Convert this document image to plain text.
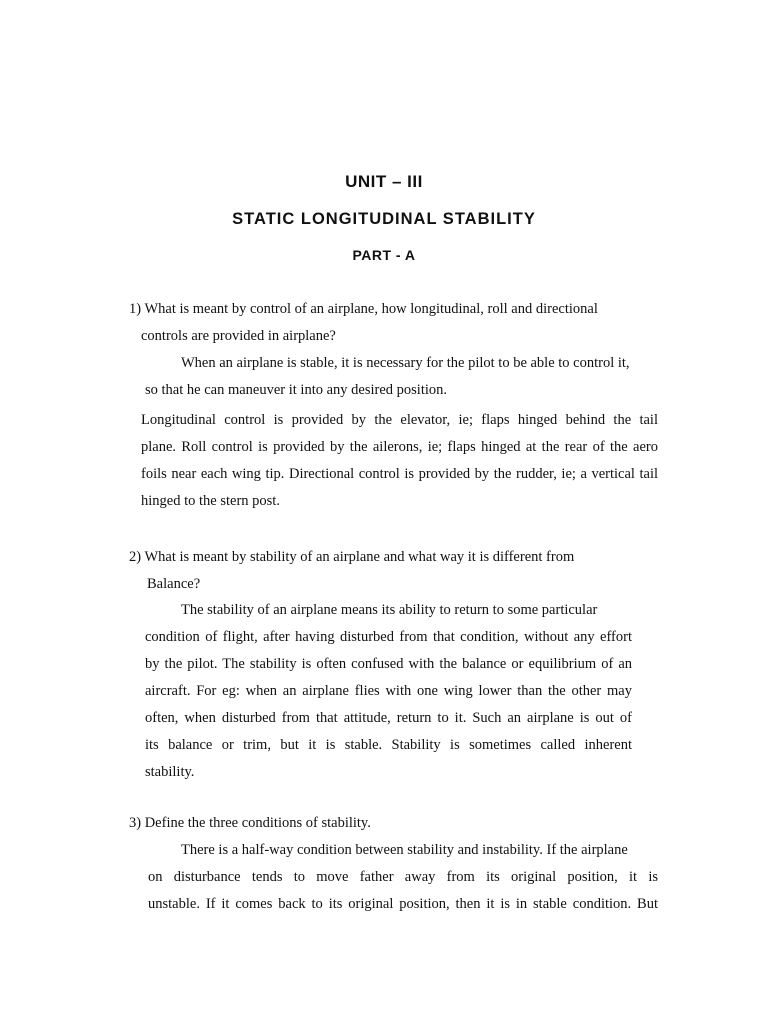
UNIT – III
STATIC LONGITUDINAL STABILITY
PART - A

1) What is meant by control of an airplane, how longitudinal, roll and directional

controls are provided in airplane?

When an airplane is stable, it is necessary for the pilot to be able to control it,
so that he can maneuver it into any desired position.
Longitudinal control is provided by the elevator, ie; flaps hinged behind the tail
plane. Roll control is provided by the ailerons, ie; flaps hinged at the rear of the aero
foils near each wing tip. Directional control is provided by the rudder, ie; a vertical tail
hinged to the stern post.

2) What is meant by stability of an airplane and what way it is different from

Balance?

The stability of an airplane means its ability to return to some particular
condition of flight, after having disturbed from that condition, without any effort
by the pilot. The stability is often confused with the balance or equilibrium of an
aircraft. For eg: when an airplane flies with one wing lower than the other may
often, when disturbed from that attitude, return to it. Such an airplane is out of
its balance or trim, but it is stable. Stability is sometimes called inherent
stability.

3) Define the three conditions of stability.

There is a half-way condition between stability and instability. If the airplane
on disturbance tends to move father away from its original position, it is
unstable. If it comes back to its original position, then it is in stable condition. But
